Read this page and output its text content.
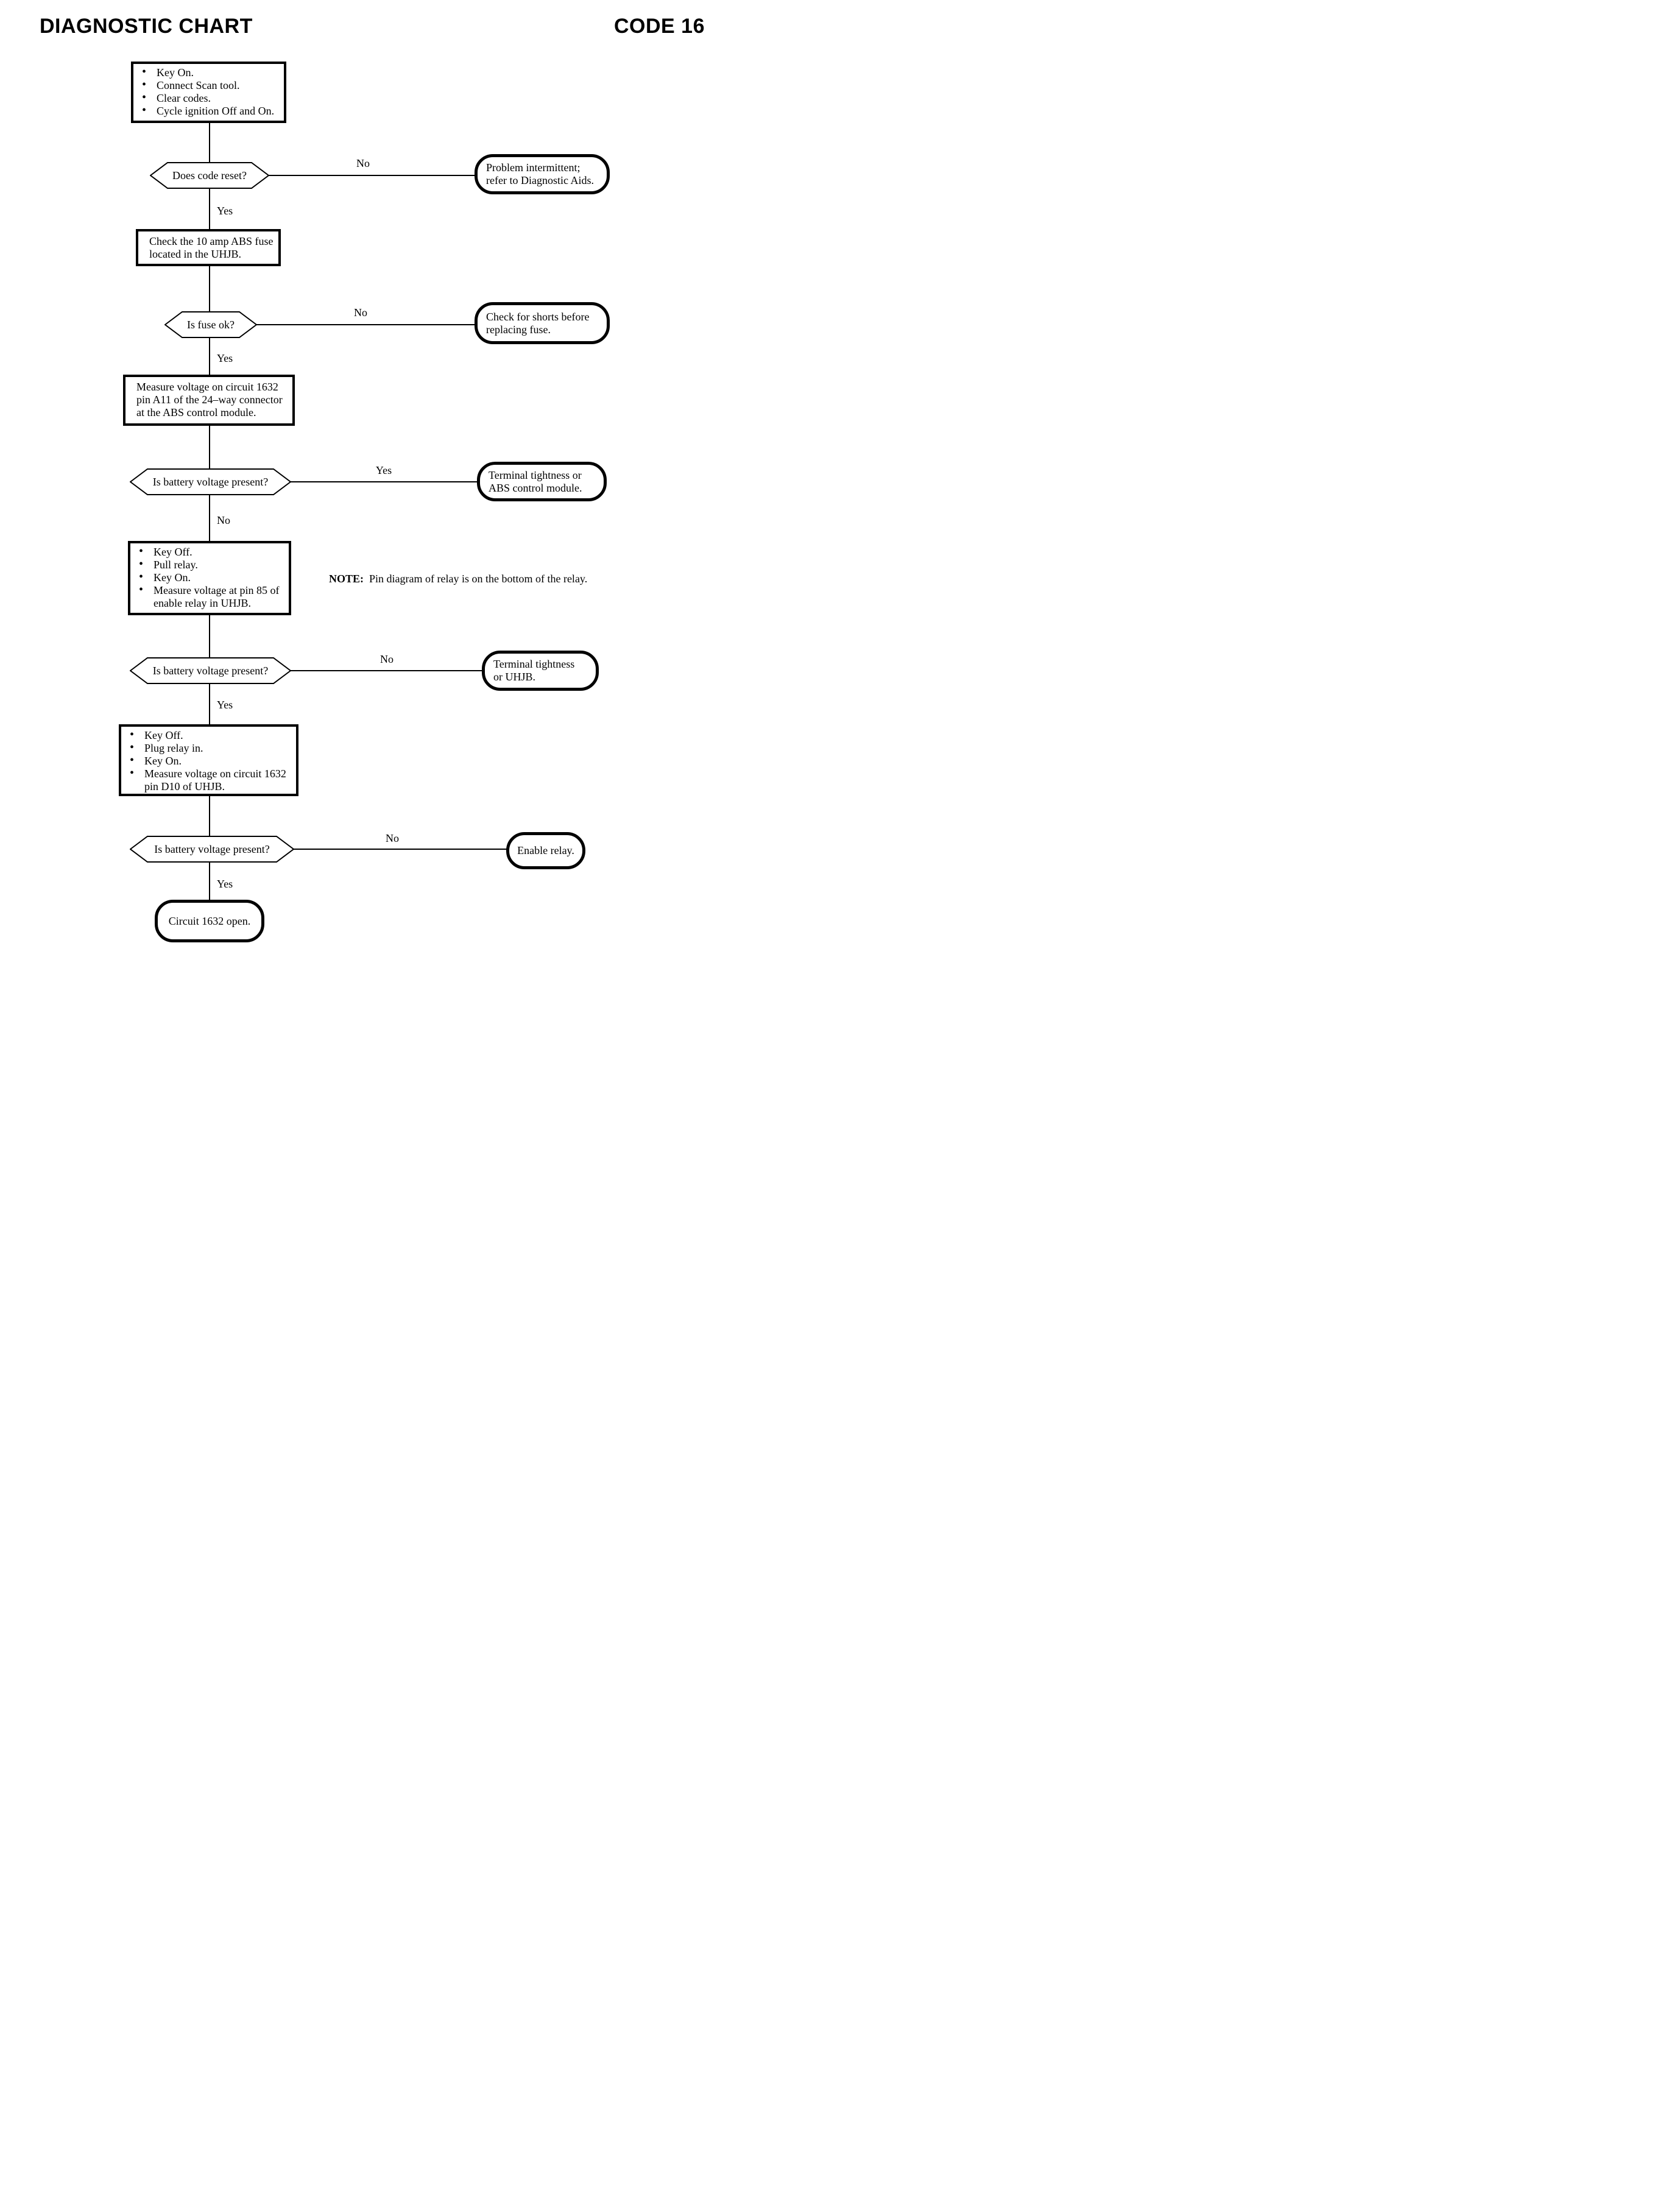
DIAGNOSTIC CHART	CODE 16
No
Yes
No
Yes
Yes
No
No
Yes
No
Yes
• Key On.
• Connect Scan tool.
• Clear codes.
• Cycle ignition Off and On.
Check the 10 amp ABS fuse
located in the UHJB.
Measure voltage on circuit 1632
pin A11 of the 24–way connector
at the ABS control module.
• Key Off.
• Pull relay.
• Key On.
• Measure voltage at pin 85 of
enable relay in UHJB.
• Key Off.
• Plug relay in.
• Key On.
• Measure voltage on circuit 1632
pin D10 of UHJB.
NOTE: Pin diagram of relay is on the bottom of the relay.
Does code reset?
Is fuse ok?
Is battery voltage present?
Is battery voltage present?
Is battery voltage present?
Problem intermittent;
refer to Diagnostic Aids.
Check for shorts before
replacing fuse.
Terminal tightness or
ABS control module.
Terminal tightness
or UHJB.
Enable relay.
Circuit 1632 open.
